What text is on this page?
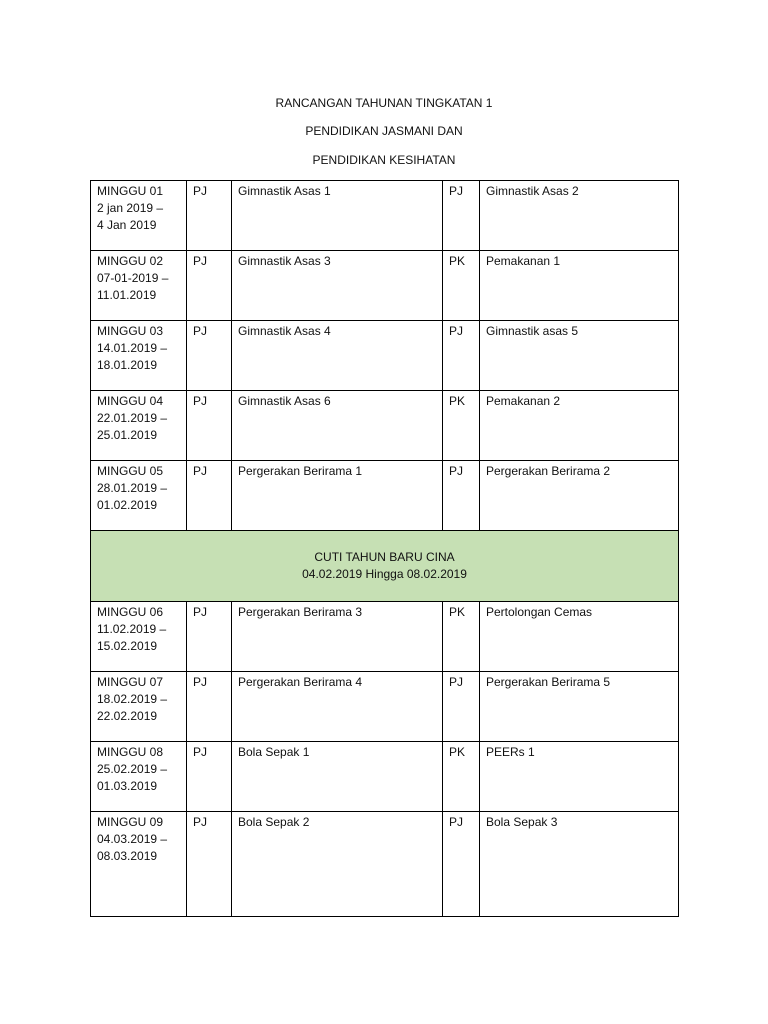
RANCANGAN TAHUNAN TINGKATAN 1
PENDIDIKAN JASMANI DAN
PENDIDIKAN KESIHATAN
MINGGU 01
2 jan 2019 –
4 Jan 2019	PJ	Gimnastik Asas 1	PJ	Gimnastik Asas 2

MINGGU 02
07-01-2019 –
11.01.2019	PJ	Gimnastik Asas 3	PK	Pemakanan 1

MINGGU 03
14.01.2019 –
18.01.2019	PJ	Gimnastik Asas 4	PJ	Gimnastik asas 5

MINGGU 04
22.01.2019 –
25.01.2019	PJ	Gimnastik Asas 6	PK	Pemakanan 2

MINGGU 05
28.01.2019 –
01.02.2019	PJ	Pergerakan Berirama 1	PJ	Pergerakan Berirama 2

CUTI TAHUN BARU CINA
04.02.2019 Hingga 08.02.2019				

MINGGU 06
11.02.2019 –
15.02.2019	PJ	Pergerakan Berirama 3	PK	Pertolongan Cemas

MINGGU 07
18.02.2019 –
22.02.2019	PJ	Pergerakan Berirama 4	PJ	Pergerakan Berirama 5

MINGGU 08
25.02.2019 –
01.03.2019	PJ	Bola Sepak 1	PK	PEERs 1

MINGGU 09
04.03.2019 –
08.03.2019	PJ	Bola Sepak 2	PJ	Bola Sepak 3
